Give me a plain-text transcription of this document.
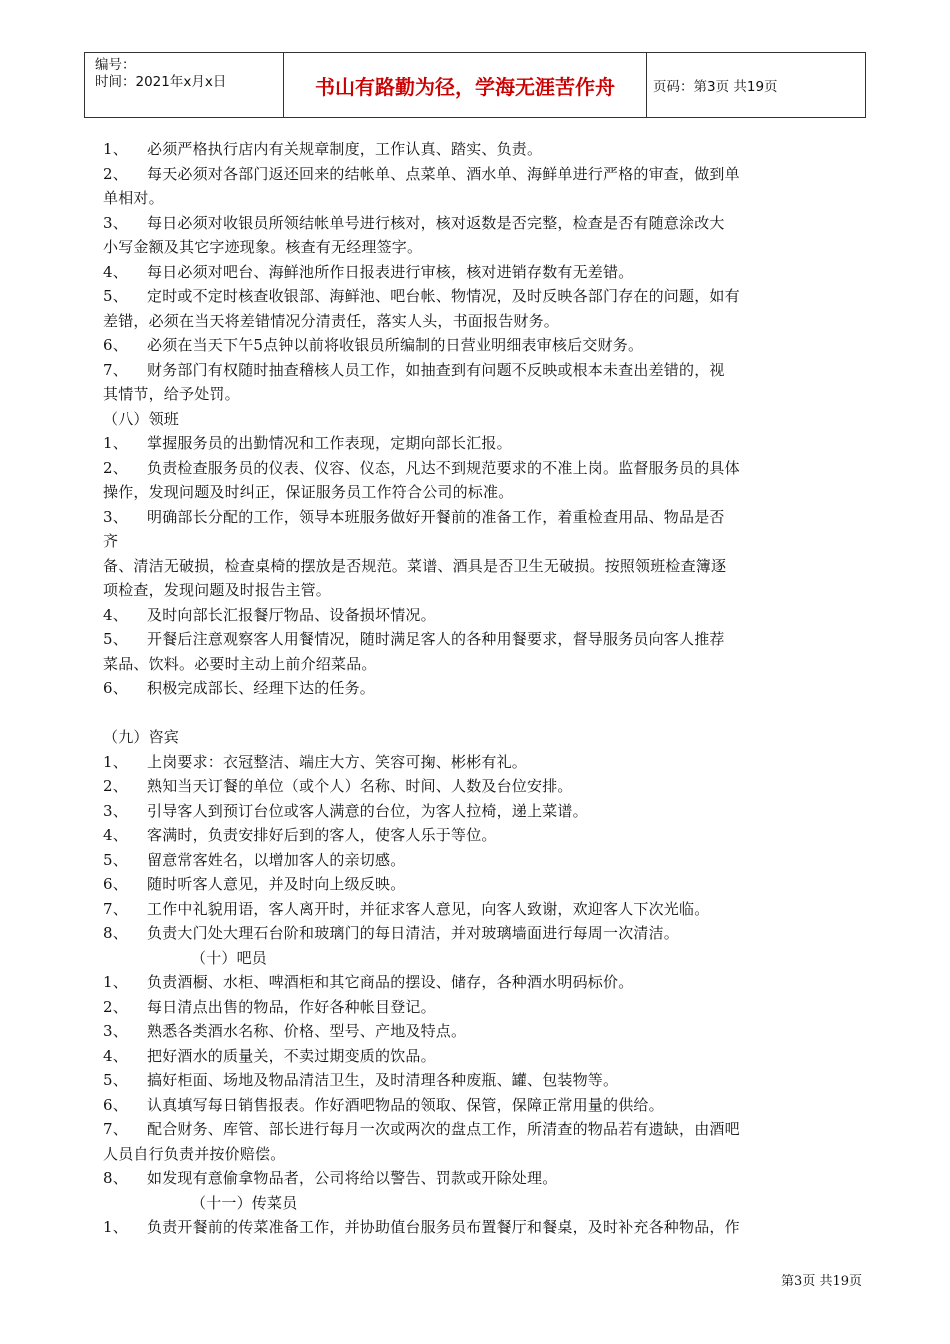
编号：
时间：2021年x月x日	书山有路勤为径，学海无涯苦作舟	页码：第3页 共19页
1、 必须严格执行店内有关规章制度，工作认真、踏实、负责。
2、 每天必须对各部门返还回来的结帐单、点菜单、酒水单、海鲜单进行严格的审查，做到单
单相对。
3、 每日必须对收银员所领结帐单号进行核对，核对返数是否完整，检查是否有随意涂改大
小写金额及其它字迹现象。核查有无经理签字。
4、 每日必须对吧台、海鲜池所作日报表进行审核，核对进销存数有无差错。
5、 定时或不定时核查收银部、海鲜池、吧台帐、物情况，及时反映各部门存在的问题，如有
差错，必须在当天将差错情况分清责任，落实人头，书面报告财务。
6、 必须在当天下午5点钟以前将收银员所编制的日营业明细表审核后交财务。
7、 财务部门有权随时抽查稽核人员工作，如抽查到有问题不反映或根本未查出差错的，视
其情节，给予处罚。
（八）领班
1、 掌握服务员的出勤情况和工作表现，定期向部长汇报。
2、 负责检查服务员的仪表、仪容、仪态，凡达不到规范要求的不准上岗。监督服务员的具体
操作，发现问题及时纠正，保证服务员工作符合公司的标准。
3、 明确部长分配的工作，领导本班服务做好开餐前的准备工作，着重检查用品、物品是否
齐
备、清洁无破损，检查桌椅的摆放是否规范。菜谱、酒具是否卫生无破损。按照领班检查簿逐
项检查，发现问题及时报告主管。
4、 及时向部长汇报餐厅物品、设备损坏情况。
5、 开餐后注意观察客人用餐情况，随时满足客人的各种用餐要求，督导服务员向客人推荐
菜品、饮料。必要时主动上前介绍菜品。
6、 积极完成部长、经理下达的任务。
（九）咨宾
1、 上岗要求：衣冠整洁、端庄大方、笑容可掬、彬彬有礼。
2、 熟知当天订餐的单位（或个人）名称、时间、人数及台位安排。
3、 引导客人到预订台位或客人满意的台位，为客人拉椅，递上菜谱。
4、 客满时，负责安排好后到的客人，使客人乐于等位。
5、 留意常客姓名，以增加客人的亲切感。
6、 随时听客人意见，并及时向上级反映。
7、 工作中礼貌用语，客人离开时，并征求客人意见，向客人致谢，欢迎客人下次光临。
8、 负责大门处大理石台阶和玻璃门的每日清洁，并对玻璃墙面进行每周一次清洁。
（十）吧员
1、 负责酒橱、水柜、啤酒柜和其它商品的摆设、储存，各种酒水明码标价。
2、 每日清点出售的物品，作好各种帐目登记。
3、 熟悉各类酒水名称、价格、型号、产地及特点。
4、 把好酒水的质量关，不卖过期变质的饮品。
5、 搞好柜面、场地及物品清洁卫生，及时清理各种废瓶、罐、包装物等。
6、 认真填写每日销售报表。作好酒吧物品的领取、保管，保障正常用量的供给。
7、 配合财务、库管、部长进行每月一次或两次的盘点工作，所清查的物品若有遗缺，由酒吧
人员自行负责并按价赔偿。
8、 如发现有意偷拿物品者，公司将给以警告、罚款或开除处理。
（十一）传菜员
1、 负责开餐前的传菜准备工作，并协助值台服务员布置餐厅和餐桌，及时补充各种物品，作
第3页 共19页
